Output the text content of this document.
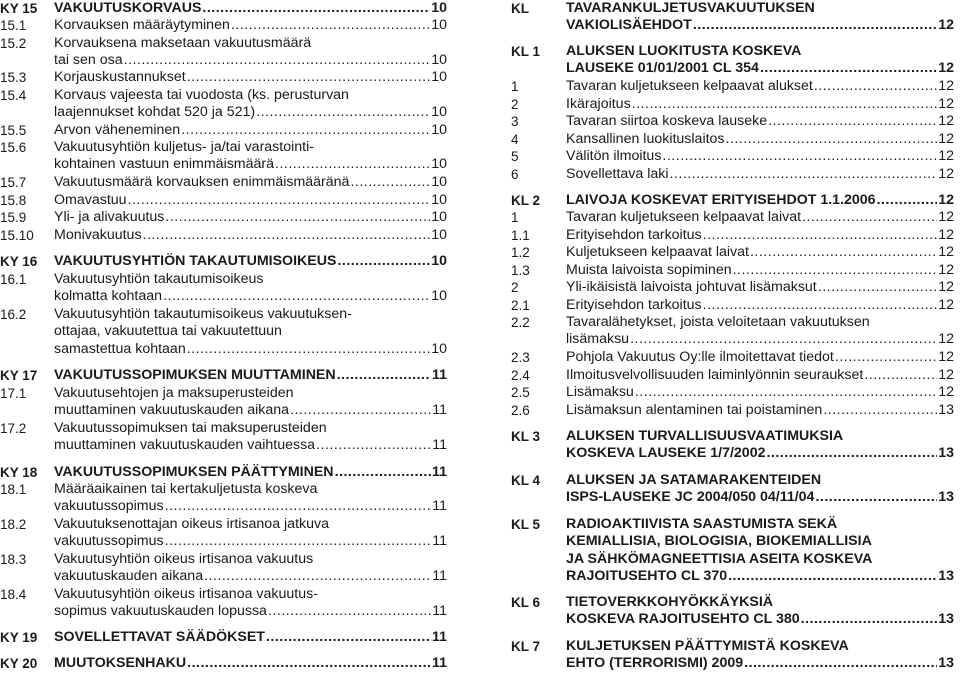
KY 15 VAKUUTUSKORVAUS .....	10
15.1 Korvauksen määräytyminen .....	10
15.2 Korvauksena maksetaan vakuutusmäärä
tai sen osa .....	10
15.3 Korjauskustannukset .....	10
15.4 Korvaus vajeesta tai vuodosta (ks. perusturvan
laajennukset kohdat 520 ja 521) .....	10
15.5 Arvon väheneminen .....	10
15.6 Vakuutusyhtiön kuljetus- ja/tai varastointi-
kohtainen vastuun enimmäismäärä .....	10
15.7 Vakuutusmäärä korvauksen enimmäismääränä .....	10
15.8 Omavastuu .....	10
15.9 Yli- ja alivakuutus .....	10
15.10 Monivakuutus .....	10
KY 16 VAKUUTUSYHTIÖN TAKAUTUMISOIKEUS .....	10
16.1 Vakuutusyhtiön takautumisoikeus
kolmatta kohtaan .....	10
16.2 Vakuutusyhtiön takautumisoikeus vakuutuksen-
ottajaa, vakuutettua tai vakuutettuun
samastettua kohtaan .....	10
KY 17 VAKUUTUSSOPIMUKSEN MUUTTAMINEN .....	11
17.1 Vakuutusehtojen ja maksuperusteiden
muuttaminen vakuutuskauden aikana .....	11
17.2 Vakuutussopimuksen tai maksuperusteiden
muuttaminen vakuutuskauden vaihtuessa .....	11
KY 18 VAKUUTUSSOPIMUKSEN PÄÄTTYMINEN .....	11
18.1 Määräaikainen tai kertakuljetusta koskeva
vakuutussopimus .....	11
18.2 Vakuutuksenottajan oikeus irtisanoa jatkuva
vakuutussopimus .....	11
18.3 Vakuutusyhtiön oikeus irtisanoa vakuutus
vakuutuskauden aikana .....	11
18.4 Vakuutusyhtiön oikeus irtisanoa vakuutus-
sopimus vakuutuskauden lopussa .....	11
KY 19 SOVELLETTAVAT SÄÄDÖKSET .....	11
KY 20 MUUTOKSENHAKU .....	11
KL	TAVARANKULJETUSVAKUUTUKSEN
VAKIOLISÄEHDOT .....	12
KL 1 ALUKSEN LUOKITUSTA KOSKEVA
LAUSEKE 01/01/2001 CL 354 .....	12
1	Tavaran kuljetukseen kelpaavat alukset .....	12
2	Ikärajoitus .....	12
3	Tavaran siirtoa koskeva lauseke .....	12
4	Kansallinen luokituslaitos .....	12
5	Välitön ilmoitus .....	12
6	Sovellettava laki .....	12
KL 2 LAIVOJA KOSKEVAT ERITYISEHDOT 1.1.2006 .....	12
1	Tavaran kuljetukseen kelpaavat laivat .....	12
1.1	Erityisehdon tarkoitus .....	12
1.2	Kuljetukseen kelpaavat laivat .....	12
1.3	Muista laivoista sopiminen .....	12
2	Yli-ikäisistä laivoista johtuvat lisämaksut .....	12
2.1	Erityisehdon tarkoitus .....	12
2.2	Tavaralähetykset, joista veloitetaan vakuutuksen
lisämaksu .....	12
2.3	Pohjola Vakuutus Oy:lle ilmoitettavat tiedot .....	12
2.4	Ilmoitusvelvollisuuden laiminlyönnin seuraukset .....	12
2.5	Lisämaksu .....	12
2.6	Lisämaksun alentaminen tai poistaminen .....	13
KL 3 ALUKSEN TURVALLISUUSVAATIMUKSIA
KOSKEVA LAUSEKE 1/7/2002 .....	13
KL 4 ALUKSEN JA SATAMARAKENTEIDEN
ISPS-LAUSEKE JC 2004/050 04/11/04 .....	13
KL 5 RADIOAKTIIVISTA SAASTUMISTA SEKÄ
KEMIALLISIA, BIOLOGISIA, BIOKEMIALLISIA
JA SÄHKÖMAGNEETTISIA ASEITA KOSKEVA
RAJOITUSEHTO CL 370 .....	13
KL 6 TIETOVERKKOHYÖKKÄYKSIÄ
KOSKEVA RAJOITUSEHTO CL 380 .....	13
KL 7 KULJETUKSEN PÄÄTTYMISTÄ KOSKEVA
EHTO (TERRORISMI) 2009 .....	13
